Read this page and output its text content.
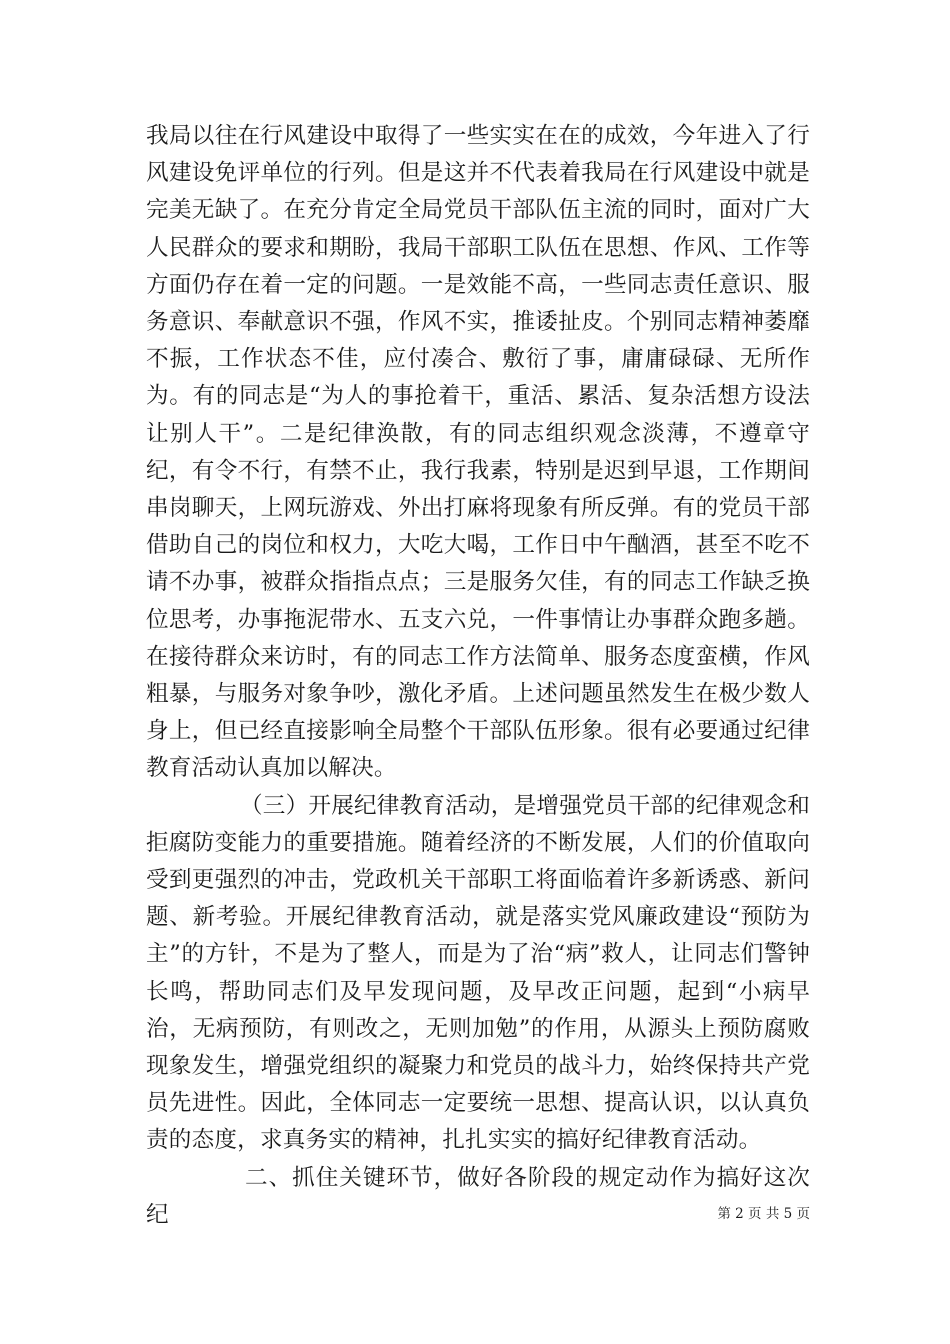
我局以往在行风建设中取得了一些实实在在的成效，今年进入了行风建设免评单位的行列。但是这并不代表着我局在行风建设中就是完美无缺了。在充分肯定全局党员干部队伍主流的同时，面对广大人民群众的要求和期盼，我局干部职工队伍在思想、作风、工作等方面仍存在着一定的问题。一是效能不高，一些同志责任意识、服务意识、奉献意识不强，作风不实，推诿扯皮。个别同志精神萎靡不振，工作状态不佳，应付凑合、敷衍了事，庸庸碌碌、无所作为。有的同志是“为人的事抢着干，重活、累活、复杂活想方设法让别人干”。二是纪律涣散，有的同志组织观念淡薄，不遵章守纪，有令不行，有禁不止，我行我素，特别是迟到早退，工作期间串岗聊天，上网玩游戏、外出打麻将现象有所反弹。有的党员干部借助自己的岗位和权力，大吃大喝，工作日中午酗酒，甚至不吃不请不办事，被群众指指点点；三是服务欠佳，有的同志工作缺乏换位思考，办事拖泥带水、五支六兑，一件事情让办事群众跑多趟。在接待群众来访时，有的同志工作方法简单、服务态度蛮横，作风粗暴，与服务对象争吵，激化矛盾。上述问题虽然发生在极少数人身上，但已经直接影响全局整个干部队伍形象。很有必要通过纪律教育活动认真加以解决。

（三）开展纪律教育活动，是增强党员干部的纪律观念和拒腐防变能力的重要措施。随着经济的不断发展，人们的价值取向受到更强烈的冲击，党政机关干部职工将面临着许多新诱惑、新问题、新考验。开展纪律教育活动，就是落实党风廉政建设“预防为主”的方针，不是为了整人，而是为了治“病”救人，让同志们警钟长鸣，帮助同志们及早发现问题，及早改正问题，起到“小病早治，无病预防，有则改之，无则加勉”的作用，从源头上预防腐败现象发生，增强党组织的凝聚力和党员的战斗力，始终保持共产党员先进性。因此，全体同志一定要统一思想、提高认识，以认真负责的态度，求真务实的精神，扎扎实实的搞好纪律教育活动。

二、抓住关键环节，做好各阶段的规定动作为搞好这次纪	第 2 页 共 5 页
